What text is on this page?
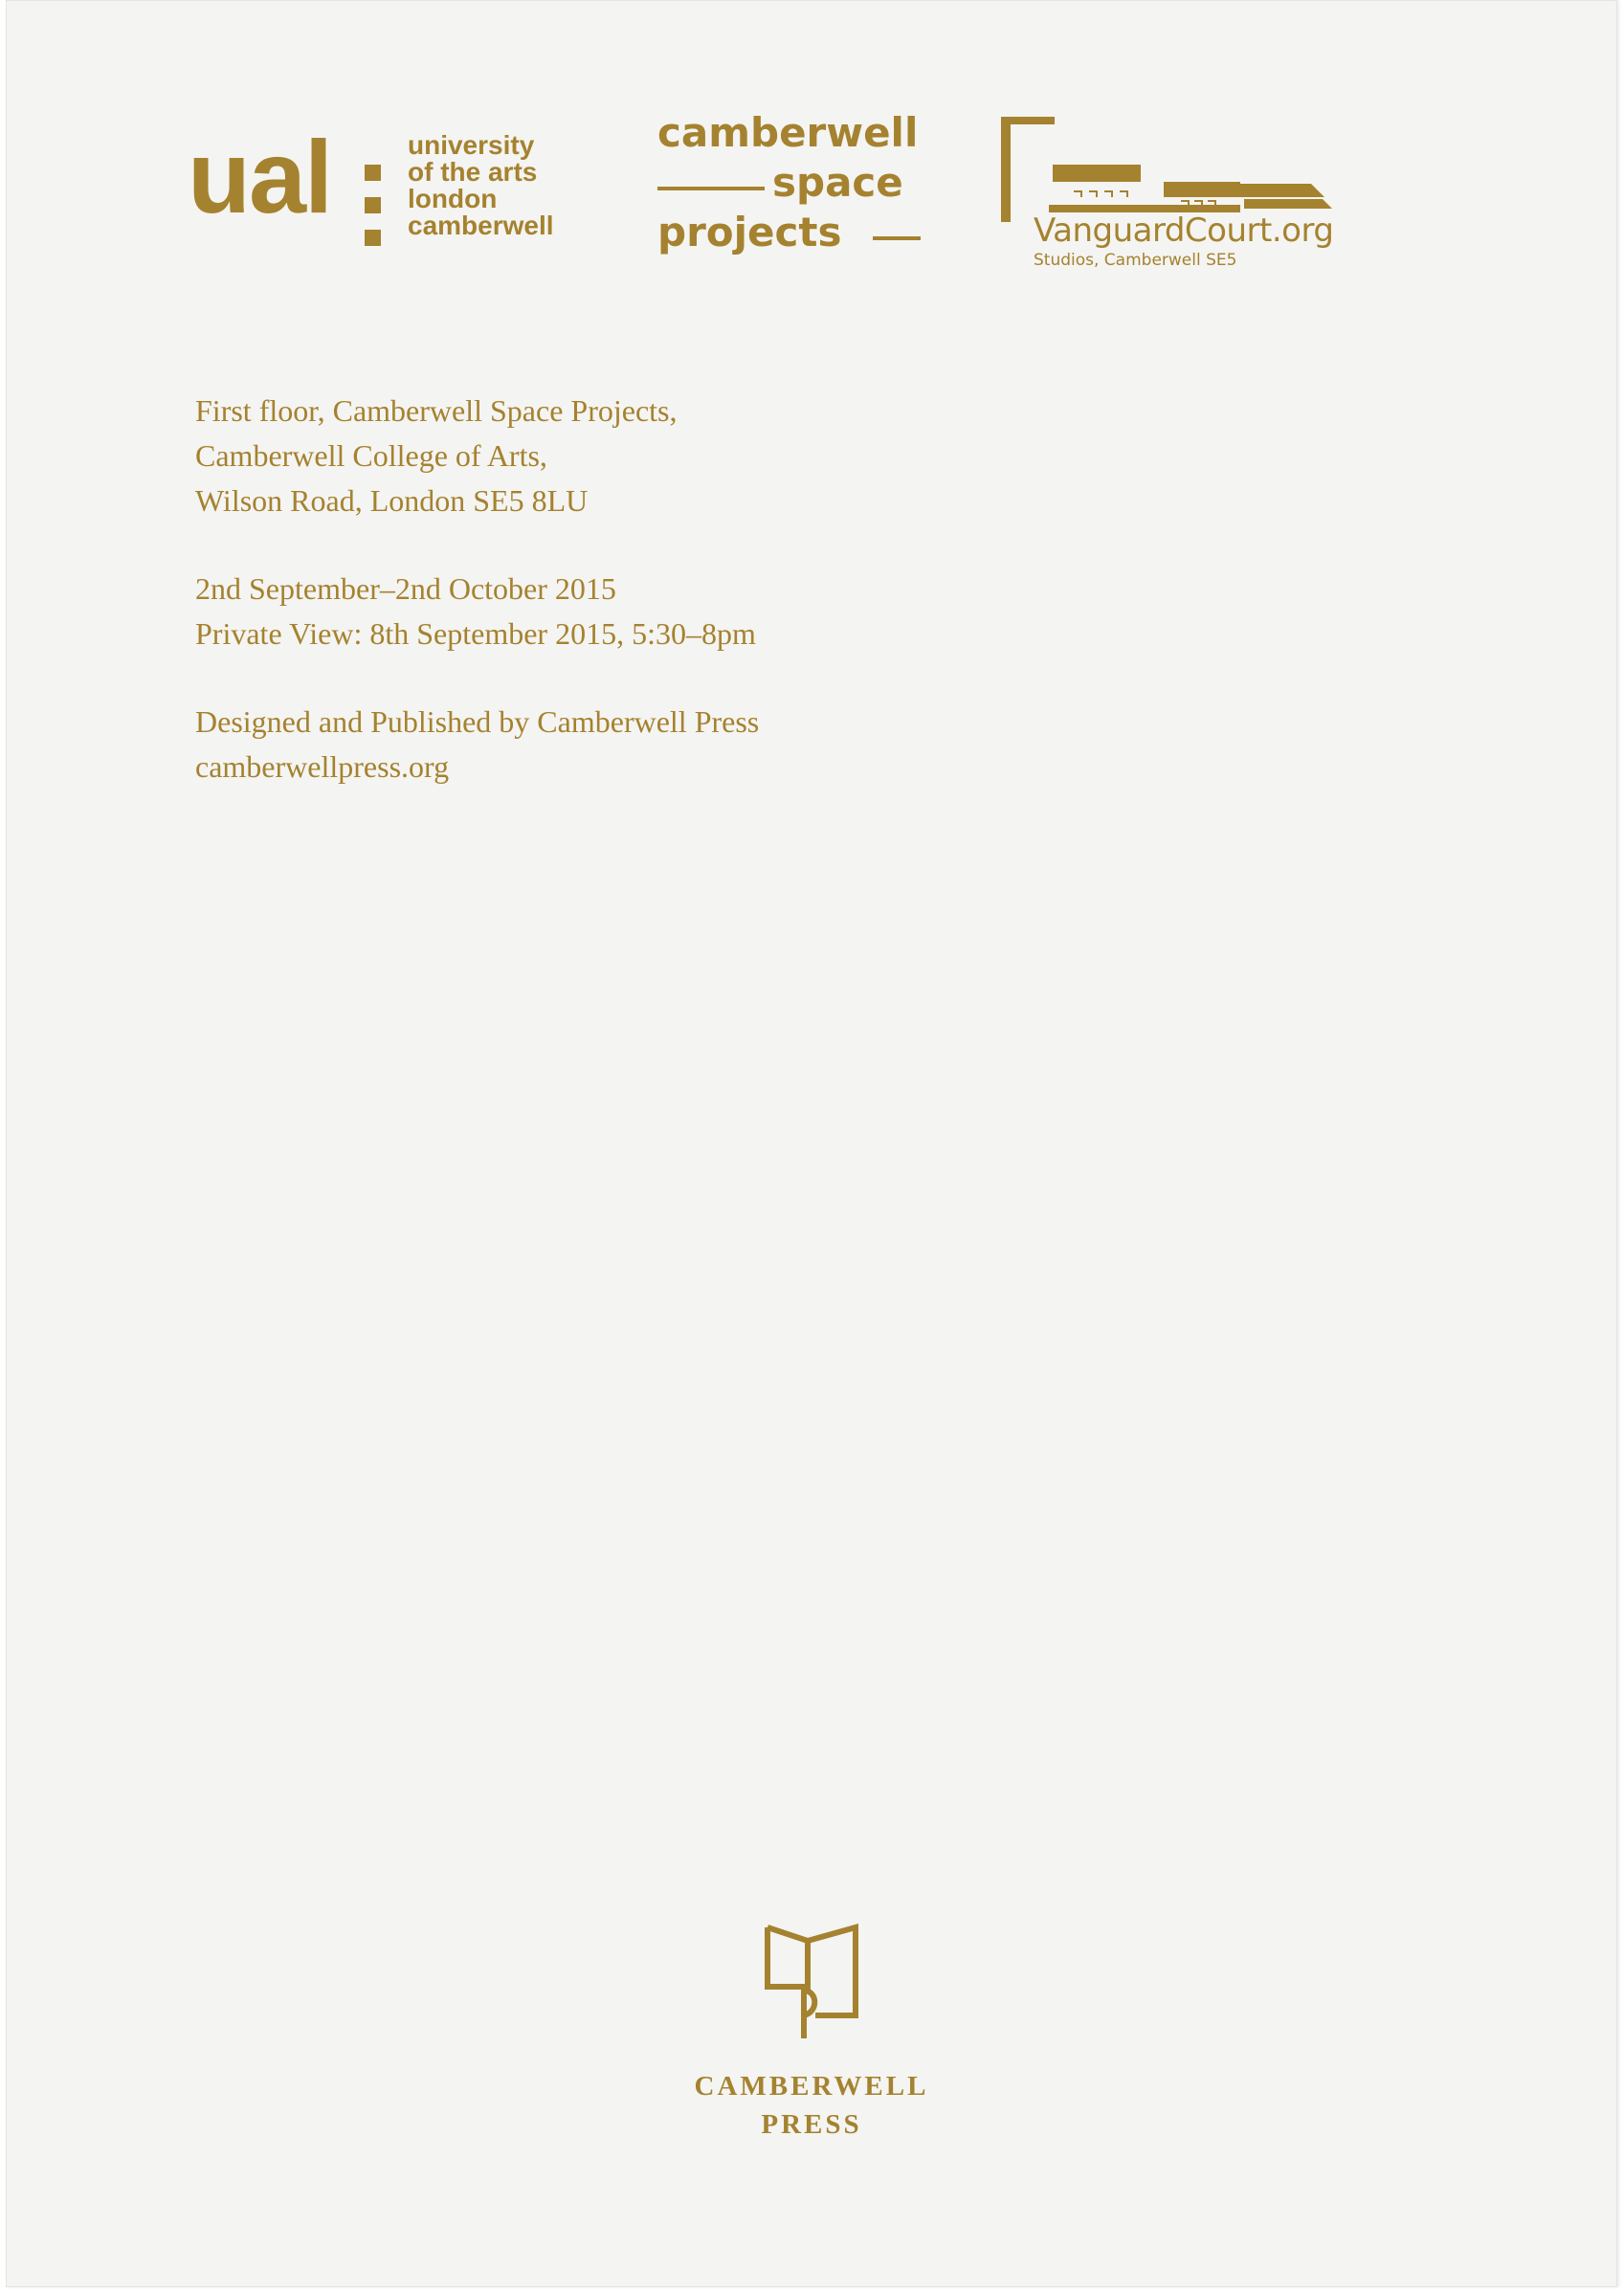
ual	university
of the arts
london
camberwell
camberwell
space
projects	VanguardCourt.org
Studios, Camberwell SE5

First floor, Camberwell Space Projects,

Camberwell College of Arts,

Wilson Road, London SE5 8LU

2nd September–2nd October 2015

Private View: 8th September 2015, 5:30–8pm

Designed and Published by Camberwell Press

camberwellpress.org

CAMBERWELL
PRESS
